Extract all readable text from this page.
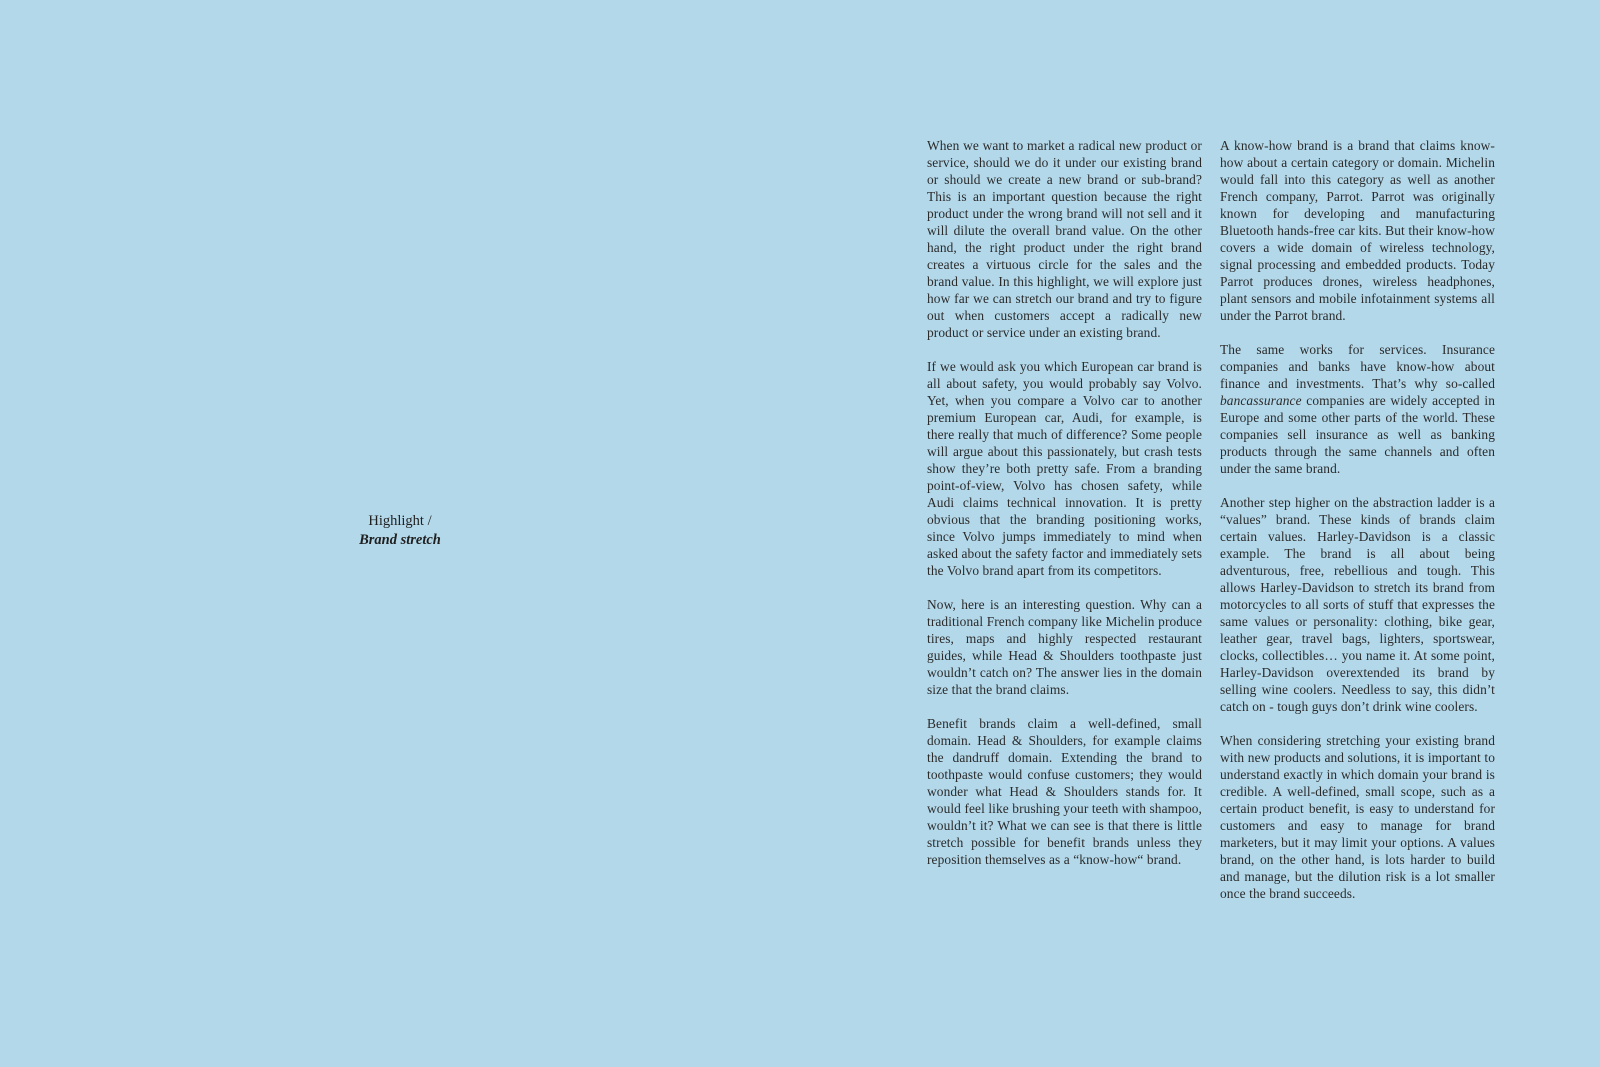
Highlight /
Brand stretch

When we want to market a radical new product or service, should we do it under our existing brand or should we create a new brand or sub-brand? This is an important question because the right product under the wrong brand will not sell and it will dilute the overall brand value. On the other hand, the right product under the right brand creates a virtuous circle for the sales and the brand value. In this highlight, we will explore just how far we can stretch our brand and try to figure out when customers accept a radically new product or service under an existing brand.

If we would ask you which European car brand is all about safety, you would probably say Volvo. Yet, when you compare a Volvo car to another premium European car, Audi, for example, is there really that much of difference? Some people will argue about this passionately, but crash tests show they’re both pretty safe. From a branding point-of-view, Volvo has chosen safety, while Audi claims technical innovation. It is pretty obvious that the branding positioning works, since Volvo jumps immediately to mind when asked about the safety factor and immediately sets the Volvo brand apart from its competitors.

Now, here is an interesting question. Why can a traditional French company like Michelin produce tires, maps and highly respected restaurant guides, while Head & Shoulders toothpaste just wouldn’t catch on? The answer lies in the domain size that the brand claims.

Benefit brands claim a well-defined, small domain. Head & Shoulders, for example claims the dandruff domain. Extending the brand to toothpaste would confuse customers; they would wonder what Head & Shoulders stands for. It would feel like brushing your teeth with shampoo, wouldn’t it? What we can see is that there is little stretch possible for benefit brands unless they reposition themselves as a “know-how“ brand.

A know-how brand is a brand that claims know-how about a certain category or domain. Michelin would fall into this category as well as another French company, Parrot. Parrot was originally known for developing and manufacturing Bluetooth hands-free car kits. But their know-how covers a wide domain of wireless technology, signal processing and embedded products. Today Parrot produces drones, wireless headphones, plant sensors and mobile infotainment systems all under the Parrot brand.

The same works for services. Insurance companies and banks have know-how about finance and investments. That’s why so-called bancassurance companies are widely accepted in Europe and some other parts of the world. These companies sell insurance as well as banking products through the same channels and often under the same brand.

Another step higher on the abstraction ladder is a “values” brand. These kinds of brands claim certain values. Harley-Davidson is a classic example. The brand is all about being adventurous, free, rebellious and tough. This allows Harley-Davidson to stretch its brand from motorcycles to all sorts of stuff that expresses the same values or personality: clothing, bike gear, leather gear, travel bags, lighters, sportswear, clocks, collectibles… you name it. At some point, Harley-Davidson overextended its brand by selling wine coolers. Needless to say, this didn’t catch on - tough guys don’t drink wine coolers.

When considering stretching your existing brand with new products and solutions, it is important to understand exactly in which domain your brand is credible. A well-defined, small scope, such as a certain product benefit, is easy to understand for customers and easy to manage for brand marketers, but it may limit your options. A values brand, on the other hand, is lots harder to build and manage, but the dilution risk is a lot smaller once the brand succeeds.
